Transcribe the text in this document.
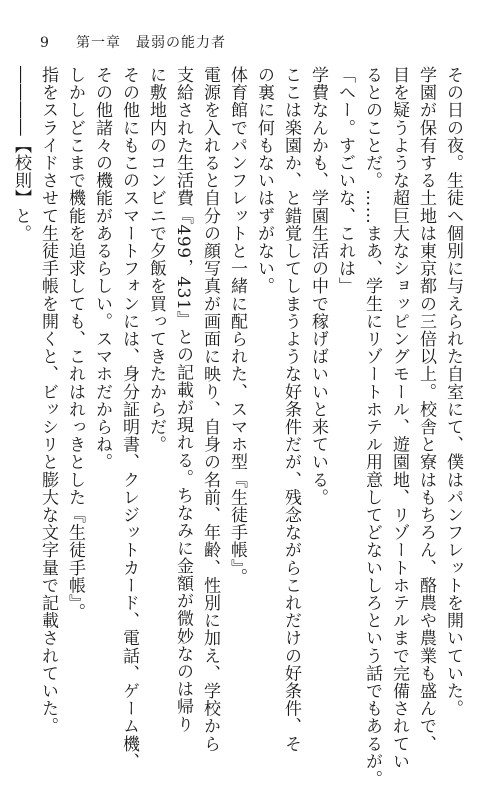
9 第一章　最弱の能力者
その日の夜。生徒へ個別に与えられた自室にて、僕はパンフレットを開いていた。
学園が保有する土地は東京都の三倍以上。校舎と寮はもちろん、酪農や農業も盛んで、
目を疑うような超巨大なショッピングモール、遊園地、リゾートホテルまで完備されてい
るとのことだ。……まあ、学生にリゾートホテル用意してどないしろという話でもあるが。
「へー。すごいな、これは」
学費なんかも、学園生活の中で稼げばいいと来ている。
ここは楽園か、と錯覚してしまうような好条件だが、残念ながらこれだけの好条件、そ
の裏に何もないはずがない。
体育館でパンフレットと一緒に配られた、スマホ型『生徒手帳』。
電源を入れると自分の顔写真が画面に映り、自身の名前、年齢、性別に加え、学校から
支給された生活費『499，431』との記載が現れる。ちなみに金額が微妙なのは帰り
に敷地内のコンビニで夕飯を買ってきたからだ。
その他にもこのスマートフォンには、身分証明書、クレジットカード、電話、ゲーム機、
その他諸々の機能があるらしい。スマホだからね。
しかしどこまで機能を追求しても、これはれっきとした『生徒手帳』。
指をスライドさせて生徒手帳を開くと、ビッシリと膨大な文字量で記載されていた。
――――【校則】と。
